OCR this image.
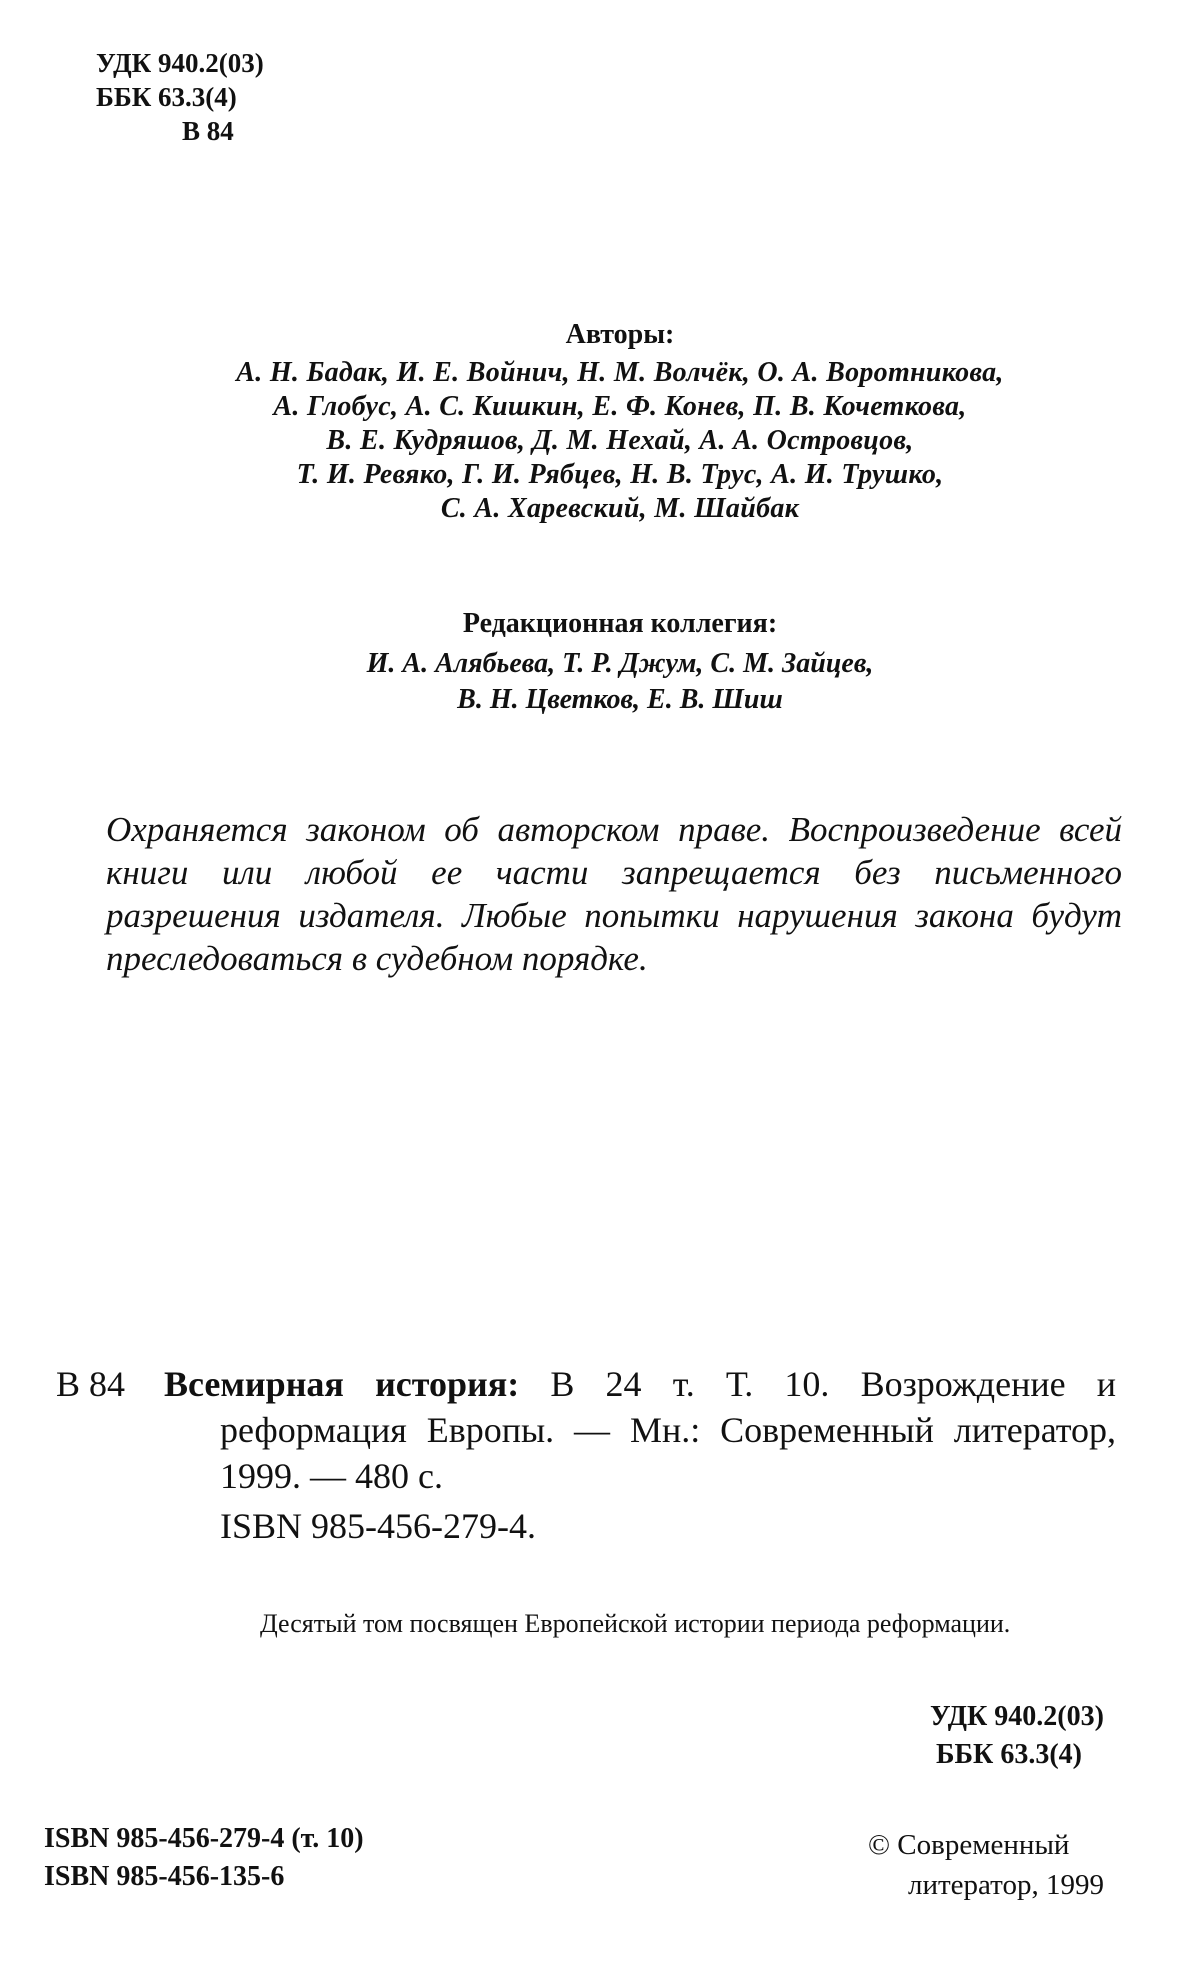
УДК 940.2(03)
ББК 63.3(4)
В 84
Авторы:
А. Н. Бадак, И. Е. Войнич, Н. М. Волчёк, О. А. Воротникова,
А. Глобус, А. С. Кишкин, Е. Ф. Конев, П. В. Кочеткова,
В. Е. Кудряшов, Д. М. Нехай, А. А. Островцов,
Т. И. Ревяко, Г. И. Рябцев, Н. В. Трус, А. И. Трушко,
С. А. Харевский, М. Шайбак
Редакционная коллегия:
И. А. Алябьева, Т. Р. Джум, С. М. Зайцев,
В. Н. Цветков, Е. В. Шиш

Охраняется законом об авторском праве. Воспроизведение всей книги или любой ее части запрещается без письменного разрешения издателя. Любые попытки нарушения закона будут преследоваться в судебном порядке.

В 84 Всемирная история: В 24 т. Т. 10. Возрождение и реформация Европы. — Мн.: Современный литератор, 1999. — 480 с.
ISBN 985-456-279-4.

Десятый том посвящен Европейской истории периода реформации.

УДК 940.2(03)
ББК 63.3(4)
ISBN 985-456-279-4 (т. 10)
ISBN 985-456-135-6
© Современный
литератор, 1999
